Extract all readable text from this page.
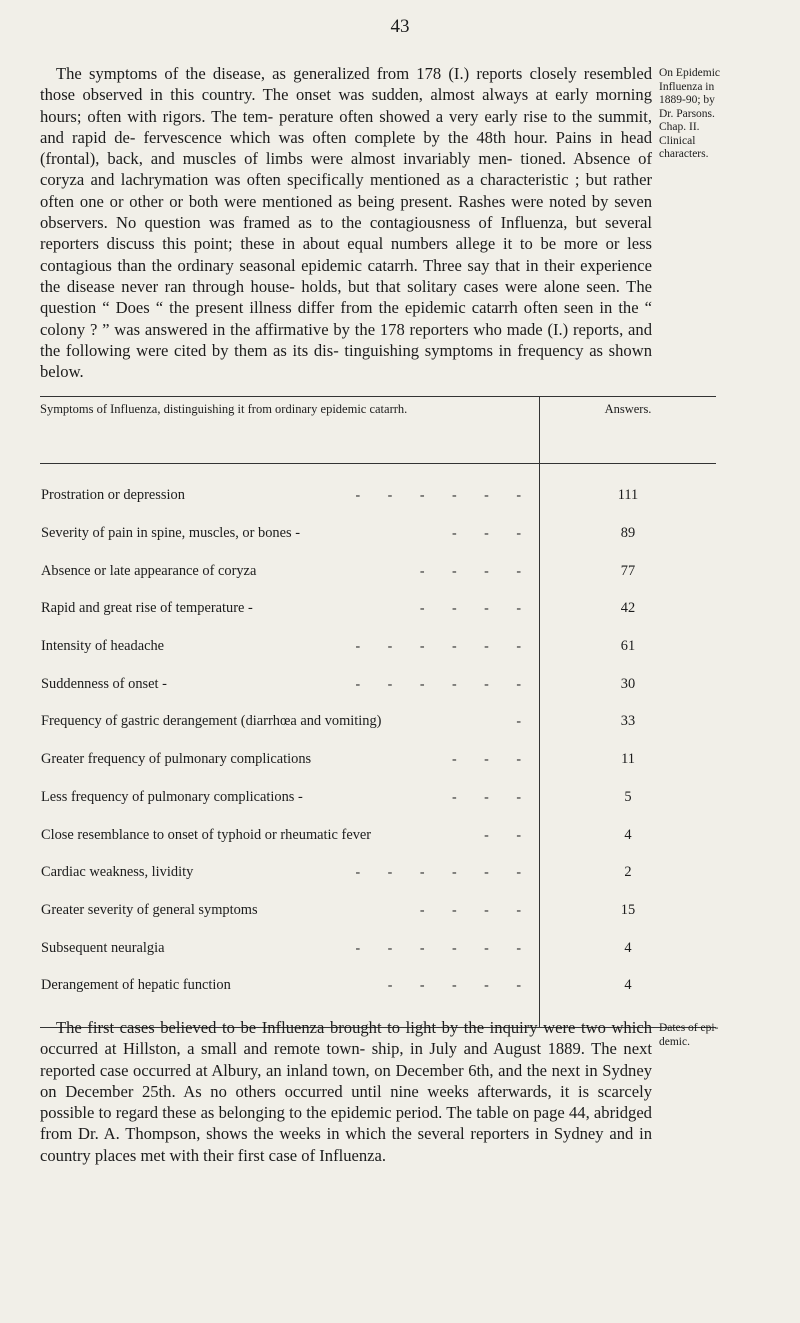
43

The symptoms of the disease, as generalized from 178 (I.) reports closely resembled those observed in this country. The onset was sudden, almost always at early morning hours; often with rigors. The tem- perature often showed a very early rise to the summit, and rapid de- fervescence which was often complete by the 48th hour. Pains in head (frontal), back, and muscles of limbs were almost invariably men- tioned. Absence of coryza and lachrymation was often specifically mentioned as a characteristic ; but rather often one or other or both were mentioned as being present. Rashes were noted by seven observers. No question was framed as to the contagiousness of Influenza, but several reporters discuss this point; these in about equal numbers allege it to be more or less contagious than the ordinary seasonal epidemic catarrh. Three say that in their experience the disease never ran through house- holds, but that solitary cases were alone seen. The question “ Does “ the present illness differ from the epidemic catarrh often seen in the “ colony ? ” was answered in the affirmative by the 178 reporters who made (I.) reports, and the following were cited by them as its dis- tinguishing symptoms in frequency as shown below.

On Epidemic
Influenza in
1889-90; by
Dr. Parsons.
Chap. II.
Clinical
characters.
Symptoms of Influenza, distinguishing it from ordinary epidemic catarrh.	Answers.

Prostration or depression - - - - - -	111

Severity of pain in spine, muscles, or bones - - - -	89

Absence or late appearance of coryza - - - -	77

Rapid and great rise of temperature - - - - -	42

Intensity of headache - - - - - -	61

Suddenness of onset - - - - - - -	30

Frequency of gastric derangement (diarrhœa and vomiting) -	33

Greater frequency of pulmonary complications - - -	11

Less frequency of pulmonary complications - - - -	5

Close resemblance to onset of typhoid or rheumatic fever - -	4

Cardiac weakness, lividity - - - - - -	2

Greater severity of general symptoms - - - -	15

Subsequent neuralgia - - - - - -	4

Derangement of hepatic function - - - - -	4

The first cases believed to be Influenza brought to light by the inquiry were two which occurred at Hillston, a small and remote town- ship, in July and August 1889. The next reported case occurred at Albury, an inland town, on December 6th, and the next in Sydney on December 25th. As no others occurred until nine weeks afterwards, it is scarcely possible to regard these as belonging to the epidemic period. The table on page 44, abridged from Dr. A. Thompson, shows the weeks in which the several reporters in Sydney and in country places met with their first case of Influenza.

Dates of epi-
demic.
